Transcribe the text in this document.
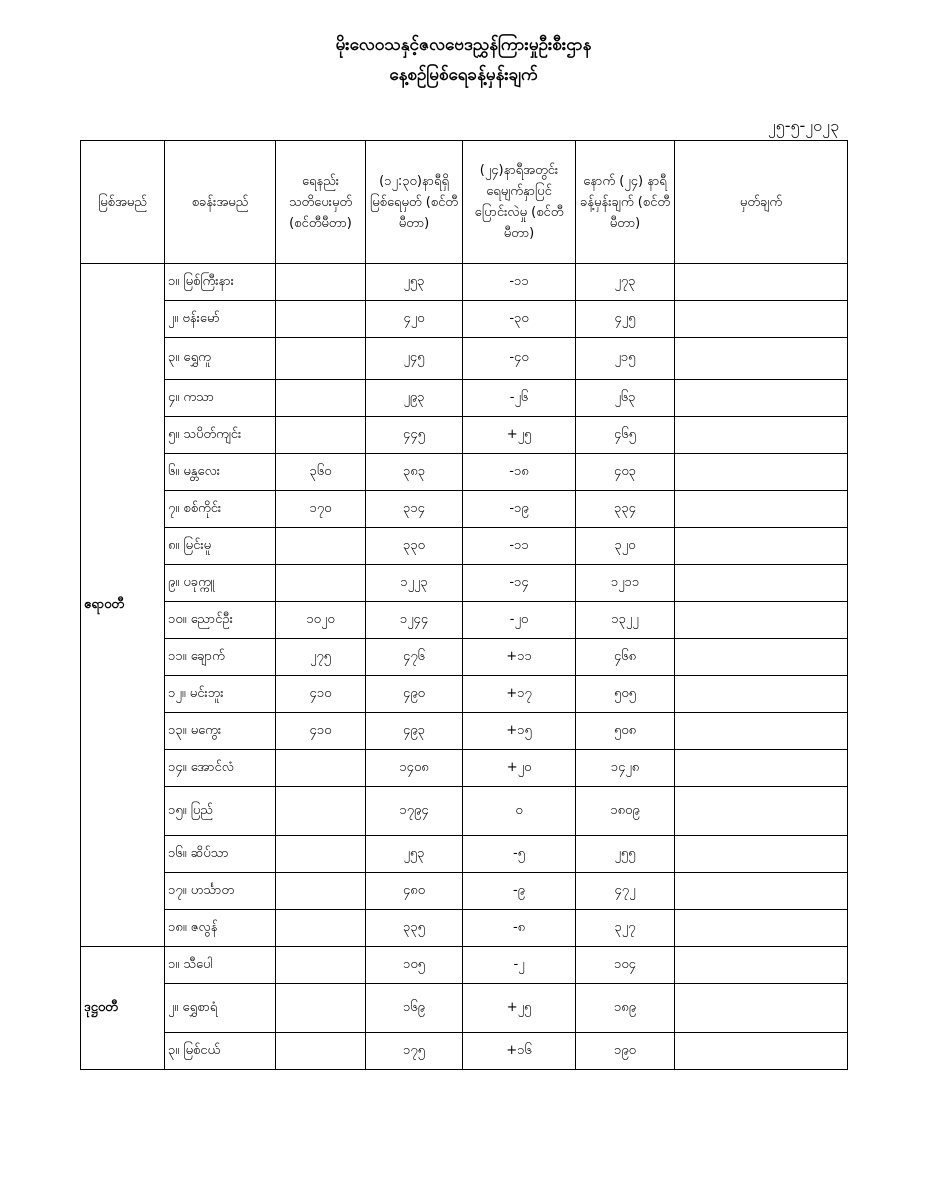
မိုးလေဝသနှင့်ဇလဗေဒညွှန်ကြားမှုဦးစီးဌာန
နေ့စဉ်မြစ်ရေခန့်မှန်းချက်
၂၅-၅-၂၀၂၃
မြစ်အမည်	စခန်းအမည်	ရေနည်း သတိပေးမှတ် (စင်တီမီတာ)	(၁၂:၃၀)နာရီရှိ မြစ်ရေမှတ် (စင်တီမီတာ)	(၂၄)နာရီအတွင်း ရေမျက်နှာပြင် ပြောင်းလဲမှု (စင်တီမီတာ)	နောက် (၂၄) နာရီ ခန့်မှန်းချက် (စင်တီမီတာ)	မှတ်ချက်
ဧရာဝတီ	၁။ မြစ်ကြီးနား		၂၅၃	-၁၁	၂၇၃	
	၂။ ဗန်းမော်		၄၂၀	-၃၀	၄၂၅	
	၃။ ရွှေကူ		၂၄၅	-၄၀	၂၁၅	
	၄။ ကသာ		၂၉၃	-၂၆	၂၆၃	
	၅။ သပိတ်ကျင်း		၄၄၅	+၂၅	၄၆၅	
	၆။ မန္တလေး	၃၆၀	၃၈၃	-၁၈	၄၀၃	
	၇။ စစ်ကိုင်း	၁၇၀	၃၁၄	-၁၉	၃၃၄	
	၈။ မြင်းမူ		၃၃၀	-၁၁	၃၂၀	
	၉။ ပခုက္ကူ		၁၂၂၃	-၁၄	၁၂၁၁	
	၁၀။ ညောင်ဦး	၁၀၂၀	၁၂၄၄	-၂၀	၁၃၂၂	
	၁၁။ ချောက်	၂၇၅	၄၇၆	+၁၁	၄၆၈	
	၁၂။ မင်းဘူး	၄၁၀	၄၉၀	+၁၇	၅၀၅	
	၁၃။ မကွေး	၄၁၀	၄၉၃	+၁၅	၅၀၈	
	၁၄။ အောင်လံ		၁၄၀၈	+၂၀	၁၄၂၈	
	၁၅။ ပြည်		၁၇၉၄	၀	၁၈၀၉	
	၁၆။ ဆိပ်သာ		၂၅၃	-၅	၂၅၅	
	၁၇။ ဟင်္သာတ		၄၈၀	-၉	၄၇၂	
	၁၈။ ဇလွန်		၃၃၅	-၈	၃၂၇	
ဒုဋ္ဌဝတီ	၁။ သီပေါ		၁၀၅	-၂	၁၀၄	
	၂။ ရွှေစာရံ		၁၆၉	+၂၅	၁၈၉	
	၃။ မြစ်ငယ်		၁၇၅	+၁၆	၁၉၀	
